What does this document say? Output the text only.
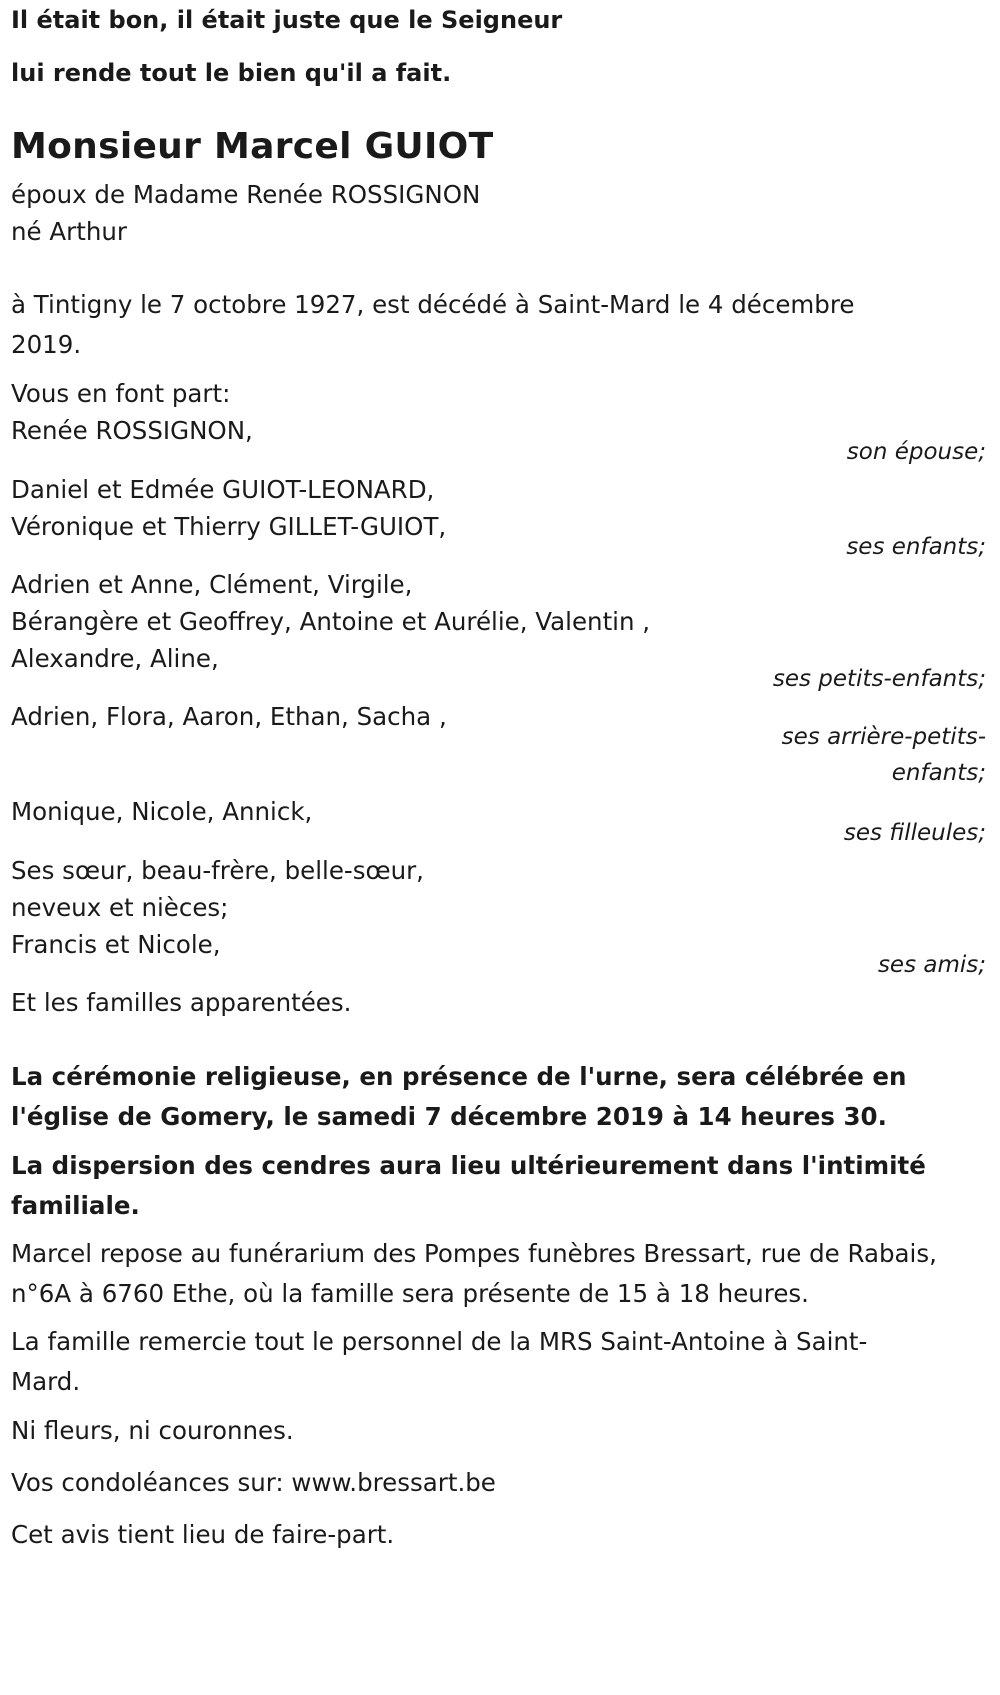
Il était bon, il était juste que le Seigneur

lui rende tout le bien qu'il a fait.

Monsieur Marcel GUIOT

époux de Madame Renée ROSSIGNON

né Arthur

à Tintigny le 7 octobre 1927, est décédé à Saint-Mard le 4 décembre 2019.

Vous en font part:

Renée ROSSIGNON,

son épouse;

Daniel et Edmée GUIOT-LEONARD,

Véronique et Thierry GILLET-GUIOT,

ses enfants;

Adrien et Anne, Clément, Virgile,

Bérangère et Geoffrey, Antoine et Aurélie, Valentin ,

Alexandre, Aline,

ses petits-enfants;

Adrien, Flora, Aaron, Ethan, Sacha ,

ses arrière-petits-

enfants;

Monique, Nicole, Annick,

ses filleules;

Ses sœur, beau-frère, belle-sœur,

neveux et nièces;

Francis et Nicole,

ses amis;

Et les familles apparentées.

La cérémonie religieuse, en présence de l'urne, sera célébrée en l'église de Gomery, le samedi 7 décembre 2019 à 14 heures 30.

La dispersion des cendres aura lieu ultérieurement dans l'intimité familiale.

Marcel repose au funérarium des Pompes funèbres Bressart, rue de Rabais, n°6A à 6760 Ethe, où la famille sera présente de 15 à 18 heures.

La famille remercie tout le personnel de la MRS Saint-Antoine à Saint-Mard.

Ni fleurs, ni couronnes.

Vos condoléances sur: www.bressart.be

Cet avis tient lieu de faire-part.
